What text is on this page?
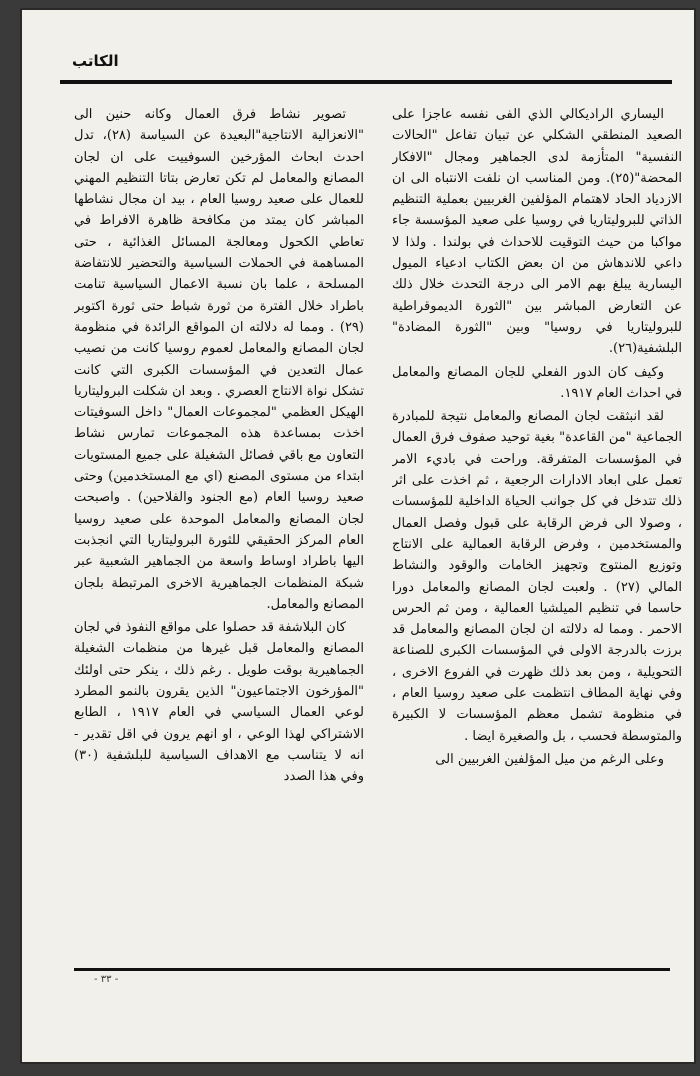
الكاتب

اليساري الراديكالي الذي الفى نفسه عاجزا على الصعيد المنطقي الشكلي عن تبيان تفاعل "الحالات النفسية" المتأزمة لدى الجماهير ومجال "الافكار المحضة"(٢٥). ومن المناسب ان نلفت الانتباه الى ان الازدياد الحاد لاهتمام المؤلفين الغربيين بعملية التنظيم الذاتي للبروليتاريا في روسيا على صعيد المؤسسة جاء مواكبا من حيث التوقيت للاحداث في بولندا . ولذا لا داعي للاندهاش من ان بعض الكتاب ادعياء الميول اليسارية يبلغ بهم الامر الى درجة التحدث خلال ذلك عن التعارض المباشر بين "الثورة الديموقراطية للبروليتاريا في روسيا" وبين "الثورة المضادة" البلشفية(٢٦).

وكيف كان الدور الفعلي للجان المصانع والمعامل في احداث العام ١٩١٧.

لقد انبثقت لجان المصانع والمعامل نتيجة للمبادرة الجماعية "من القاعدة" بغية توحيد صفوف فرق العمال في المؤسسات المتفرقة. وراحت في باديء الامر تعمل على ابعاد الادارات الرجعية ، ثم اخذت على اثر ذلك تتدخل في كل جوانب الحياة الداخلية للمؤسسات ، وصولا الى فرض الرقابة على قبول وفصل العمال والمستخدمين ، وفرض الرقابة العمالية على الانتاج وتوزيع المنتوج وتجهيز الخامات والوقود والنشاط المالي (٢٧) . ولعبت لجان المصانع والمعامل دورا حاسما في تنظيم الميلشيا العمالية ، ومن ثم الحرس الاحمر . ومما له دلالته ان لجان المصانع والمعامل قد برزت بالدرجة الاولى في المؤسسات الكبرى للصناعة التحويلية ، ومن بعد ذلك ظهرت في الفروع الاخرى ، وفي نهاية المطاف انتظمت على صعيد روسيا العام ، في منظومة تشمل معظم المؤسسات لا الكبيرة والمتوسطة فحسب ، بل والصغيرة ايضا .

وعلى الرغم من ميل المؤلفين الغربيين الى

تصوير نشاط فرق العمال وكانه حنين الى "الانعزالية الانتاجية"البعيدة عن السياسة (٢٨)، تدل احدث ابحاث المؤرخين السوفييت على ان لجان المصانع والمعامل لم تكن تعارض بتاتا التنظيم المهني للعمال على صعيد روسيا العام ، بيد ان مجال نشاطها المباشر كان يمتد من مكافحة ظاهرة الافراط في تعاطي الكحول ومعالجة المسائل الغذائية ، حتى المساهمة في الحملات السياسية والتحضير للانتفاضة المسلحة ، علما بان نسبة الاعمال السياسية تنامت باطراد خلال الفترة من ثورة شباط حتى ثورة اكتوبر (٢٩) . ومما له دلالته ان المواقع الرائدة في منظومة لجان المصانع والمعامل لعموم روسيا كانت من نصيب عمال التعدين في المؤسسات الكبرى التي كانت تشكل نواة الانتاج العصري . وبعد ان شكلت البروليتاريا الهيكل العظمي "لمجموعات العمال" داخل السوفيتات اخذت بمساعدة هذه المجموعات تمارس نشاط التعاون مع باقي فصائل الشغيلة على جميع المستويات ابتداء من مستوى المصنع (اي مع المستخدمين) وحتى صعيد روسيا العام (مع الجنود والفلاحين) . واصبحت لجان المصانع والمعامل الموحدة على صعيد روسيا العام المركز الحقيقي للثورة البروليتاريا التي انجذبت اليها باطراد اوساط واسعة من الجماهير الشعبية عبر شبكة المنظمات الجماهيرية الاخرى المرتبطة بلجان المصانع والمعامل.

كان البلاشفة قد حصلوا على مواقع النفوذ في لجان المصانع والمعامل قبل غيرها من منظمات الشغيلة الجماهيرية بوقت طويل . رغم ذلك ، ينكر حتى اولئك "المؤرخون الاجتماعيون" الذين يقرون بالنمو المطرد لوعي العمال السياسي في العام ١٩١٧ ، الطابع الاشتراكي لهذا الوعي ، او انهم يرون في اقل تقدير - انه لا يتناسب مع الاهداف السياسية للبلشفية (٣٠) وفي هذا الصدد

- ٣٣ -
